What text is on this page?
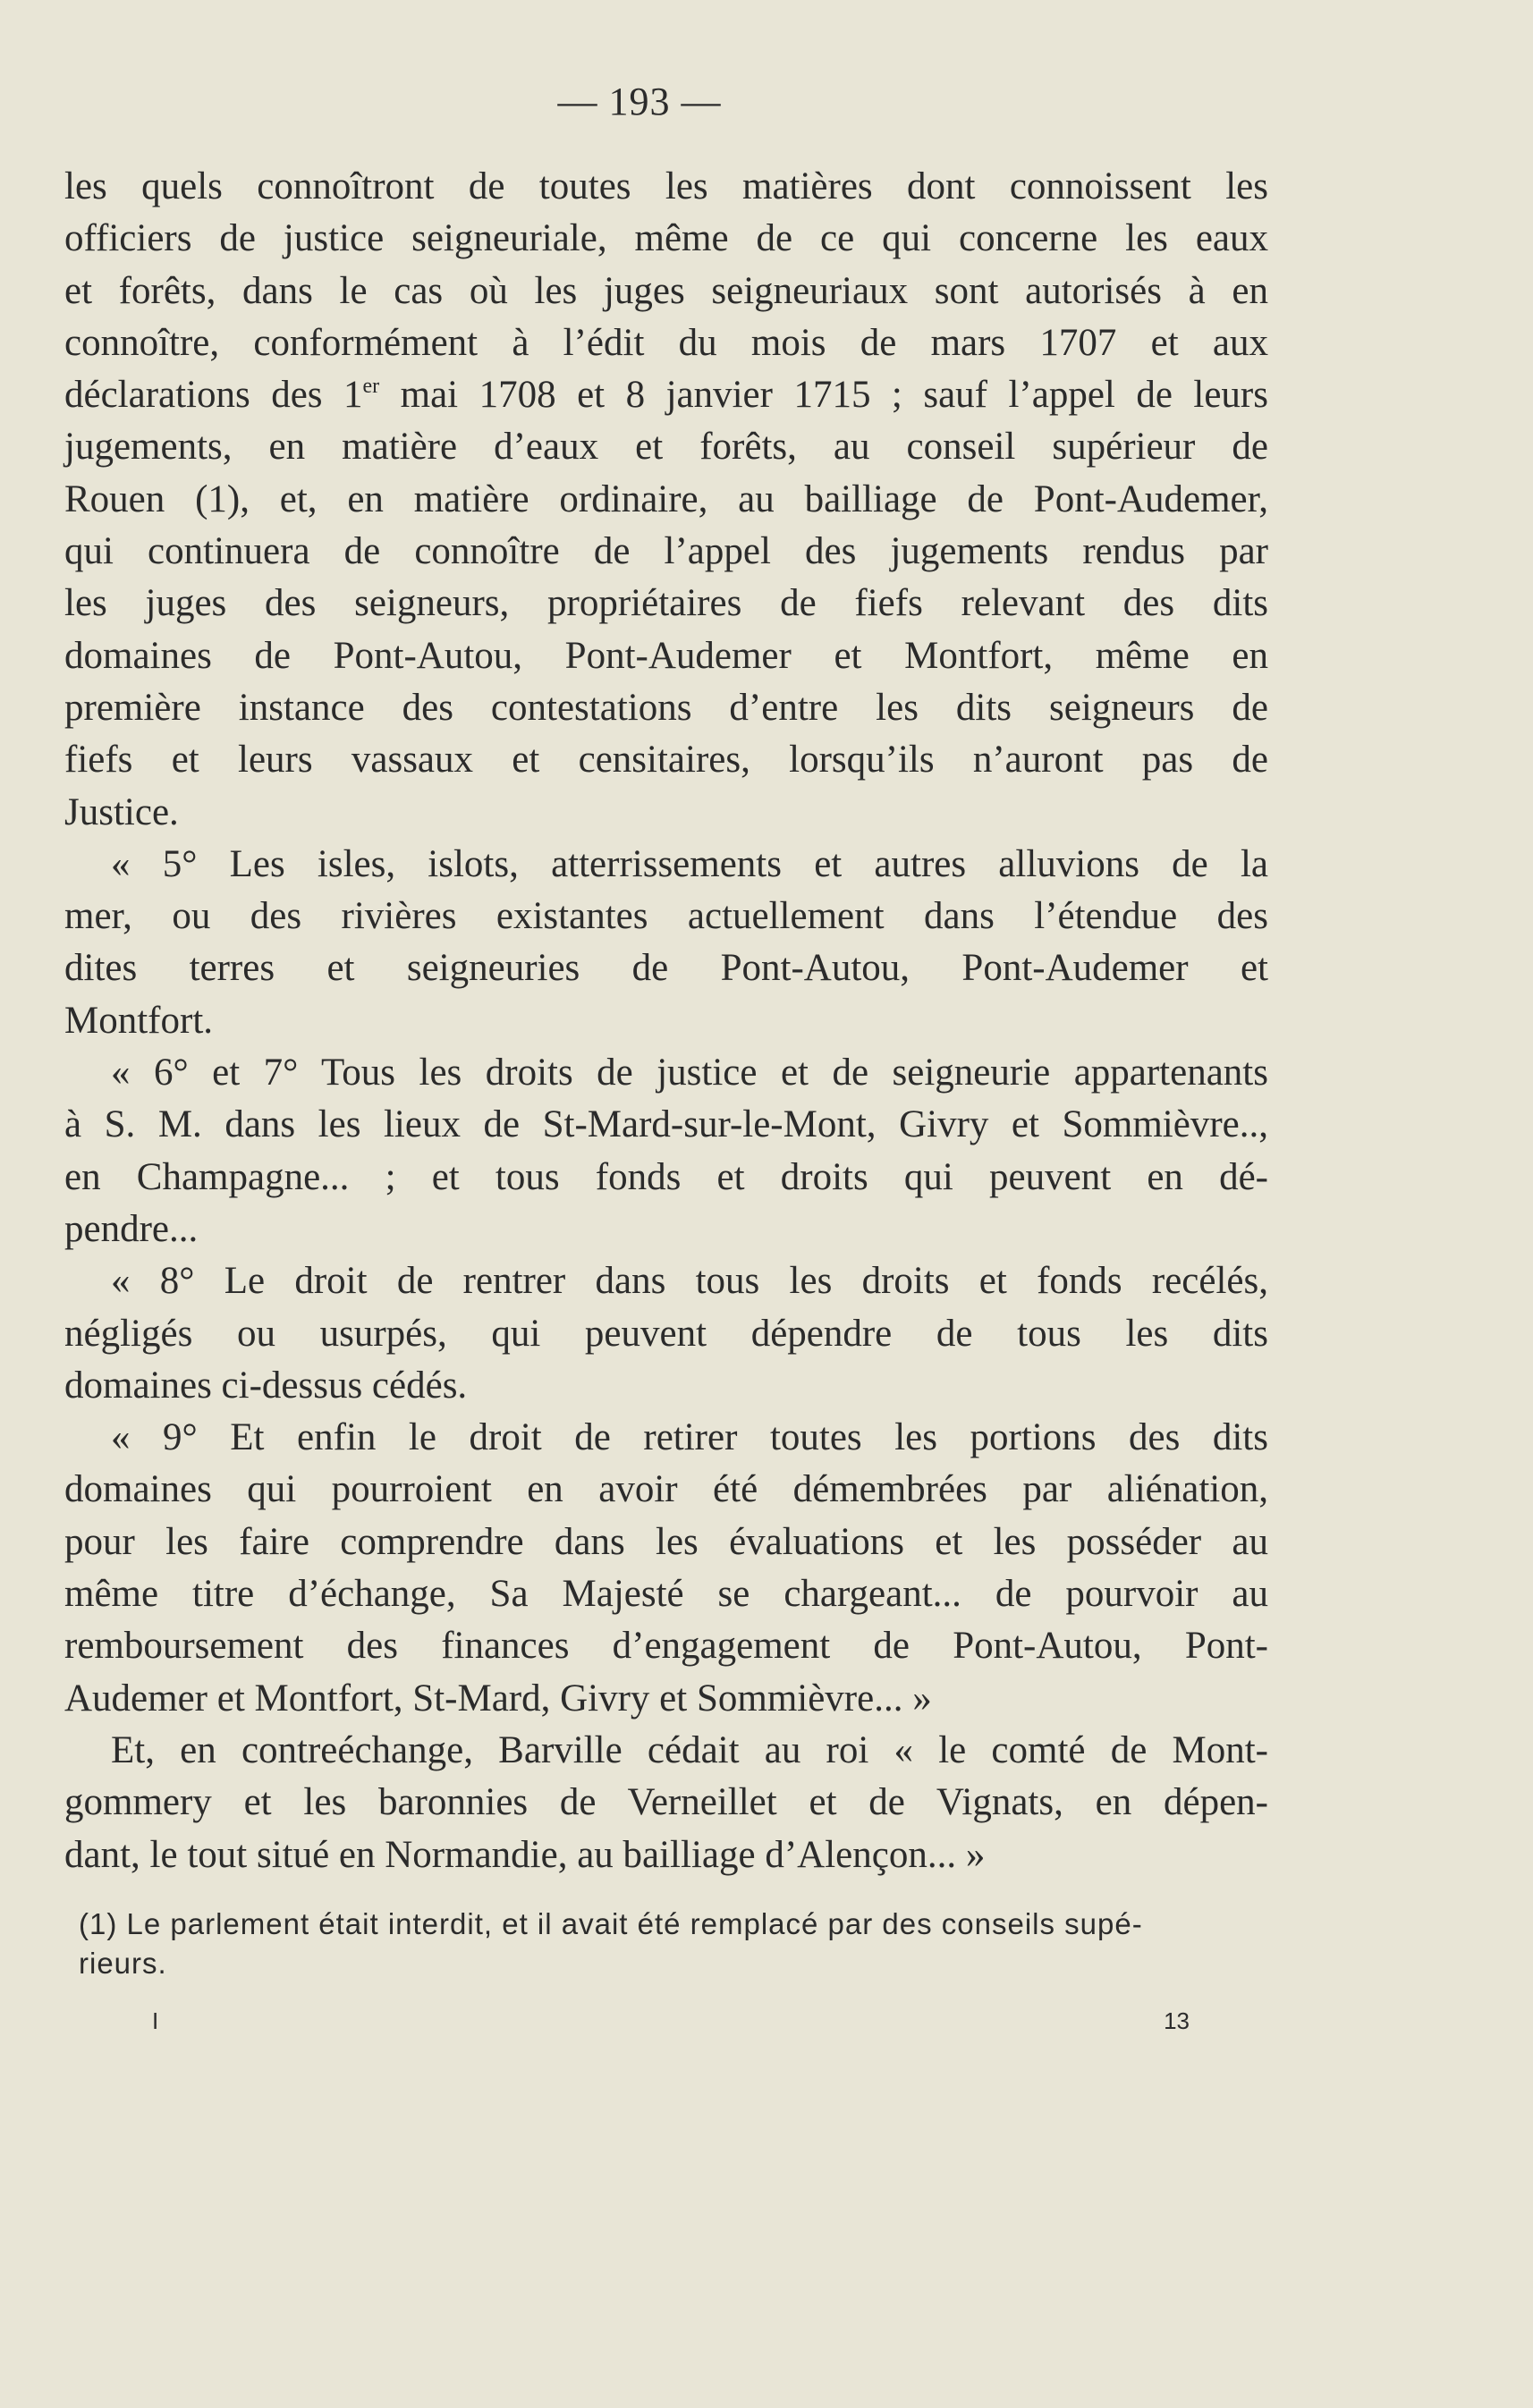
— 193 —

les quels connoîtront de toutes les matières dont connoissent les

officiers de justice seigneuriale, même de ce qui concerne les eaux

et forêts, dans le cas où les juges seigneuriaux sont autorisés à en

connoître, conformément à l’édit du mois de mars 1707 et aux

déclarations des 1er mai 1708 et 8 janvier 1715 ; sauf l’appel de leurs

jugements, en matière d’eaux et forêts, au conseil supérieur de

Rouen (1), et, en matière ordinaire, au bailliage de Pont-Audemer,

qui continuera de connoître de l’appel des jugements rendus par

les juges des seigneurs, propriétaires de fiefs relevant des dits

domaines de Pont-Autou, Pont-Audemer et Montfort, même en

première instance des contestations d’entre les dits seigneurs de

fiefs et leurs vassaux et censitaires, lorsqu’ils n’auront pas de

Justice.

« 5° Les isles, islots, atterrissements et autres alluvions de la

mer, ou des rivières existantes actuellement dans l’étendue des

dites terres et seigneuries de Pont-Autou, Pont-Audemer et

Montfort.

« 6° et 7° Tous les droits de justice et de seigneurie appartenants

à S. M. dans les lieux de St-Mard-sur-le-Mont, Givry et Sommièvre..,

en Champagne... ; et tous fonds et droits qui peuvent en dé-

pendre...

« 8° Le droit de rentrer dans tous les droits et fonds recélés,

négligés ou usurpés, qui peuvent dépendre de tous les dits

domaines ci-dessus cédés.

« 9° Et enfin le droit de retirer toutes les portions des dits

domaines qui pourroient en avoir été démembrées par aliénation,

pour les faire comprendre dans les évaluations et les posséder au

même titre d’échange, Sa Majesté se chargeant... de pourvoir au

remboursement des finances d’engagement de Pont-Autou, Pont-

Audemer et Montfort, St-Mard, Givry et Sommièvre... »

Et, en contreéchange, Barville cédait au roi « le comté de Mont-

gommery et les baronnies de Verneillet et de Vignats, en dépen-

dant, le tout situé en Normandie, au bailliage d’Alençon... »

(1) Le parlement était interdit, et il avait été remplacé par des conseils supé-

rieurs.

I	13
